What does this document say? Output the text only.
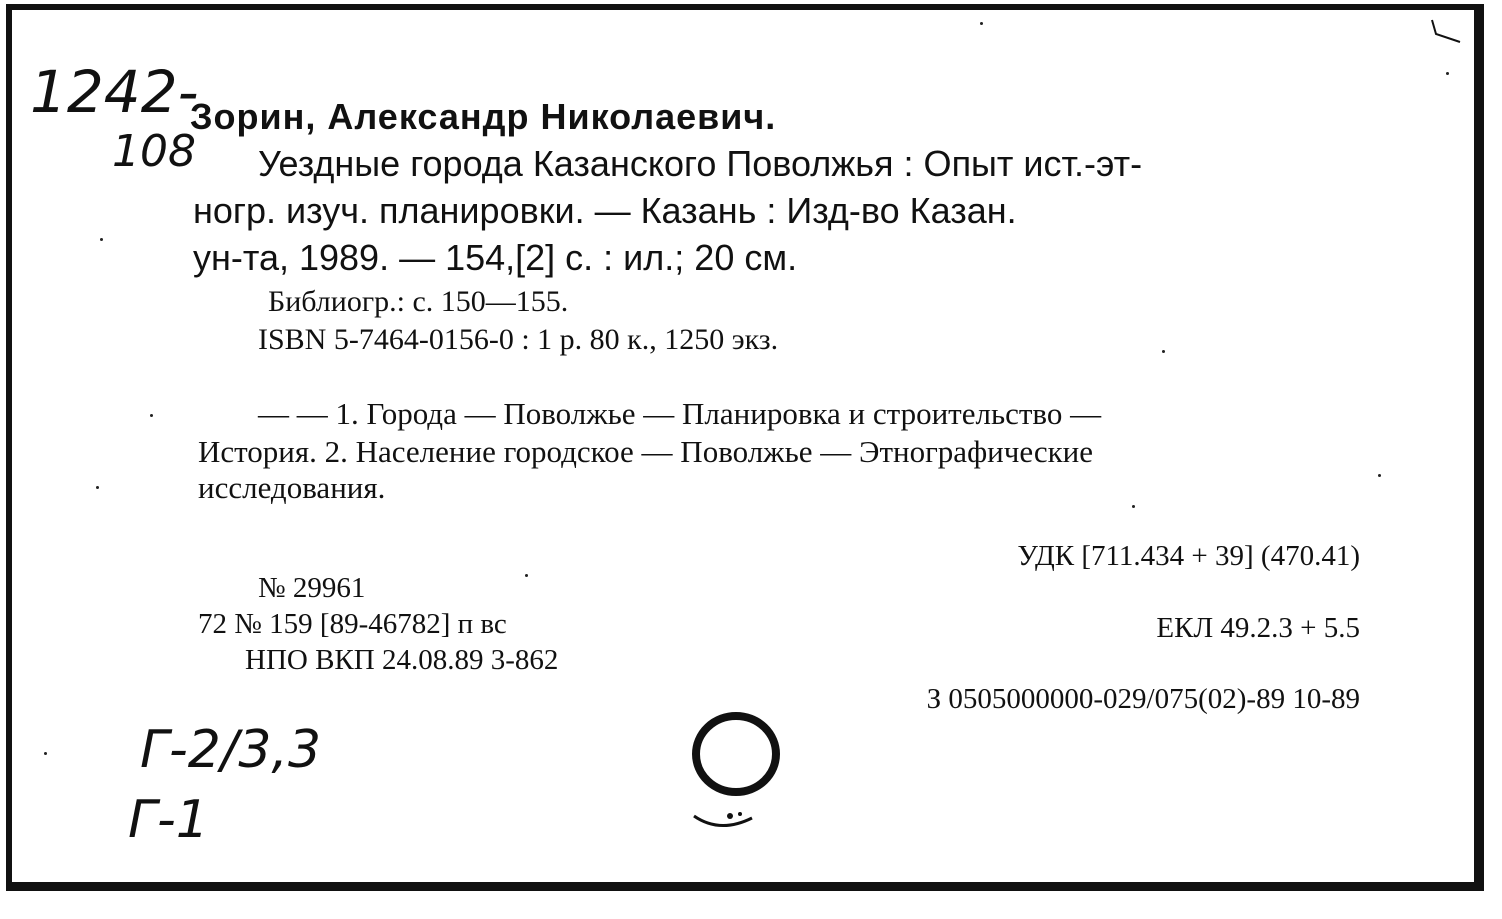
1242-
108
Зорин, Александр Николаевич.
Уездные города Казанского Поволжья : Опыт ист.-эт-
ногр. изуч. планировки. — Казань : Изд-во Казан.
ун-та, 1989. — 154,[2] с. : ил.; 20 см.
Библиогр.: с. 150—155.
ISBN 5-7464-0156-0 : 1 р. 80 к., 1250 экз.
— — 1. Города — Поволжье — Планировка и строительство —
История. 2. Население городское — Поволжье — Этнографические
исследования.
УДК [711.434 + 39] (470.41)
№ 29961
72 № 159 [89-46782] п вс	ЕКЛ 49.2.3 + 5.5
НПО ВКП 24.08.89 3-862
З 0505000000-029/075(02)-89 10-89
Г-2/3,3
Г-1
